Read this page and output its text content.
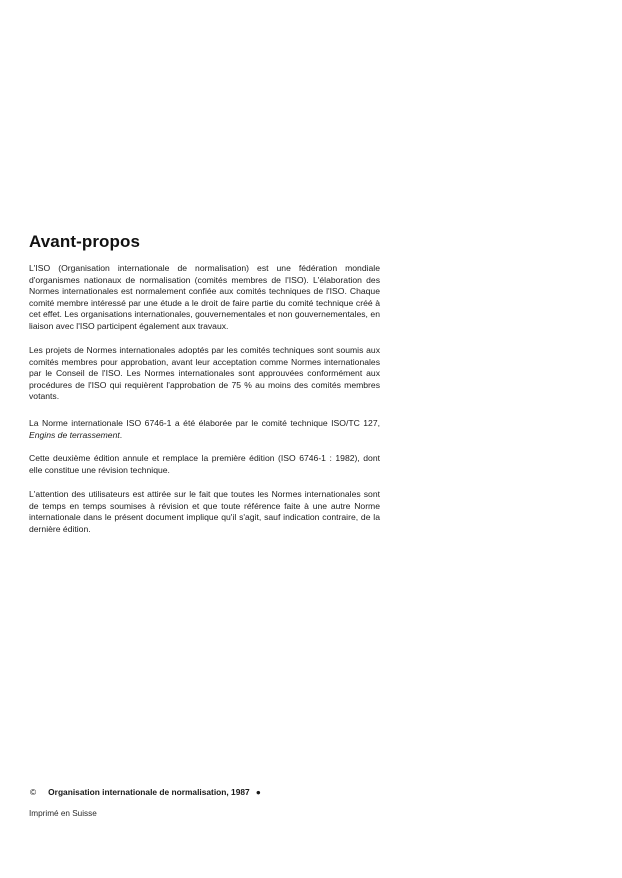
Avant-propos

L'ISO (Organisation internationale de normalisation) est une fédération mondiale d'organismes nationaux de normalisation (comités membres de l'ISO). L'élaboration des Normes internationales est normalement confiée aux comités techniques de l'ISO. Chaque comité membre intéressé par une étude a le droit de faire partie du comité technique créé à cet effet. Les organisations internationales, gouvernementales et non gouvernementales, en liaison avec l'ISO participent également aux travaux.

Les projets de Normes internationales adoptés par les comités techniques sont soumis aux comités membres pour approbation, avant leur acceptation comme Normes internationales par le Conseil de l'ISO. Les Normes internationales sont approuvées conformément aux procédures de l'ISO qui requièrent l'approbation de 75 % au moins des comités membres votants.

La Norme internationale ISO 6746-1 a été élaborée par le comité technique ISO/TC 127, Engins de terrassement.

Cette deuxième édition annule et remplace la première édition (ISO 6746-1 : 1982), dont elle constitue une révision technique.

L'attention des utilisateurs est attirée sur le fait que toutes les Normes internationales sont de temps en temps soumises à révision et que toute référence faite à une autre Norme internationale dans le présent document implique qu'il s'agit, sauf indication contraire, de la dernière édition.

© Organisation internationale de normalisation, 1987 ●
Imprimé en Suisse
